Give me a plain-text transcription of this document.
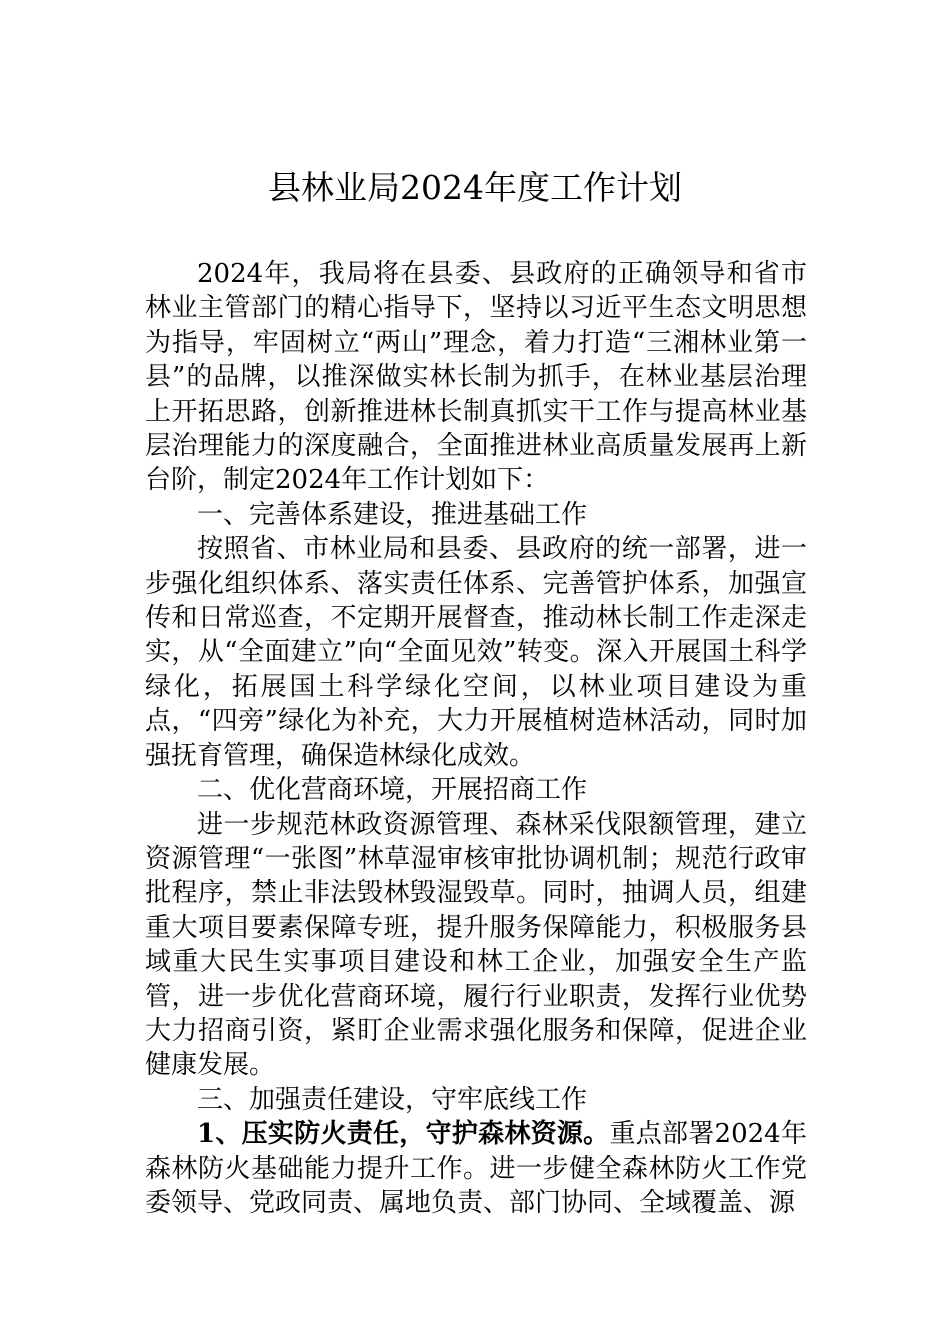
县林业局2024年度工作计划

2024年，我局将在县委、县政府的正确领导和省市林业主管部门的精心指导下，坚持以习近平生态文明思想为指导，牢固树立“两山”理念，着力打造“三湘林业第一县”的品牌，以推深做实林长制为抓手，在林业基层治理上开拓思路，创新推进林长制真抓实干工作与提高林业基层治理能力的深度融合，全面推进林业高质量发展再上新台阶，制定2024年工作计划如下：

一、完善体系建设，推进基础工作

按照省、市林业局和县委、县政府的统一部署，进一步强化组织体系、落实责任体系、完善管护体系，加强宣传和日常巡查，不定期开展督查，推动林长制工作走深走实，从“全面建立”向“全面见效”转变。深入开展国土科学绿化，拓展国土科学绿化空间，以林业项目建设为重点，“四旁”绿化为补充，大力开展植树造林活动，同时加强抚育管理，确保造林绿化成效。

二、优化营商环境，开展招商工作

进一步规范林政资源管理、森林采伐限额管理，建立资源管理“一张图”林草湿审核审批协调机制；规范行政审批程序，禁止非法毁林毁湿毁草。同时，抽调人员，组建重大项目要素保障专班，提升服务保障能力，积极服务县域重大民生实事项目建设和林工企业，加强安全生产监管，进一步优化营商环境，履行行业职责，发挥行业优势大力招商引资，紧盯企业需求强化服务和保障，促进企业健康发展。

三、加强责任建设，守牢底线工作

1、压实防火责任，守护森林资源。重点部署2024年森林防火基础能力提升工作。进一步健全森林防火工作党委领导、党政同责、属地负责、部门协同、全域覆盖、源
